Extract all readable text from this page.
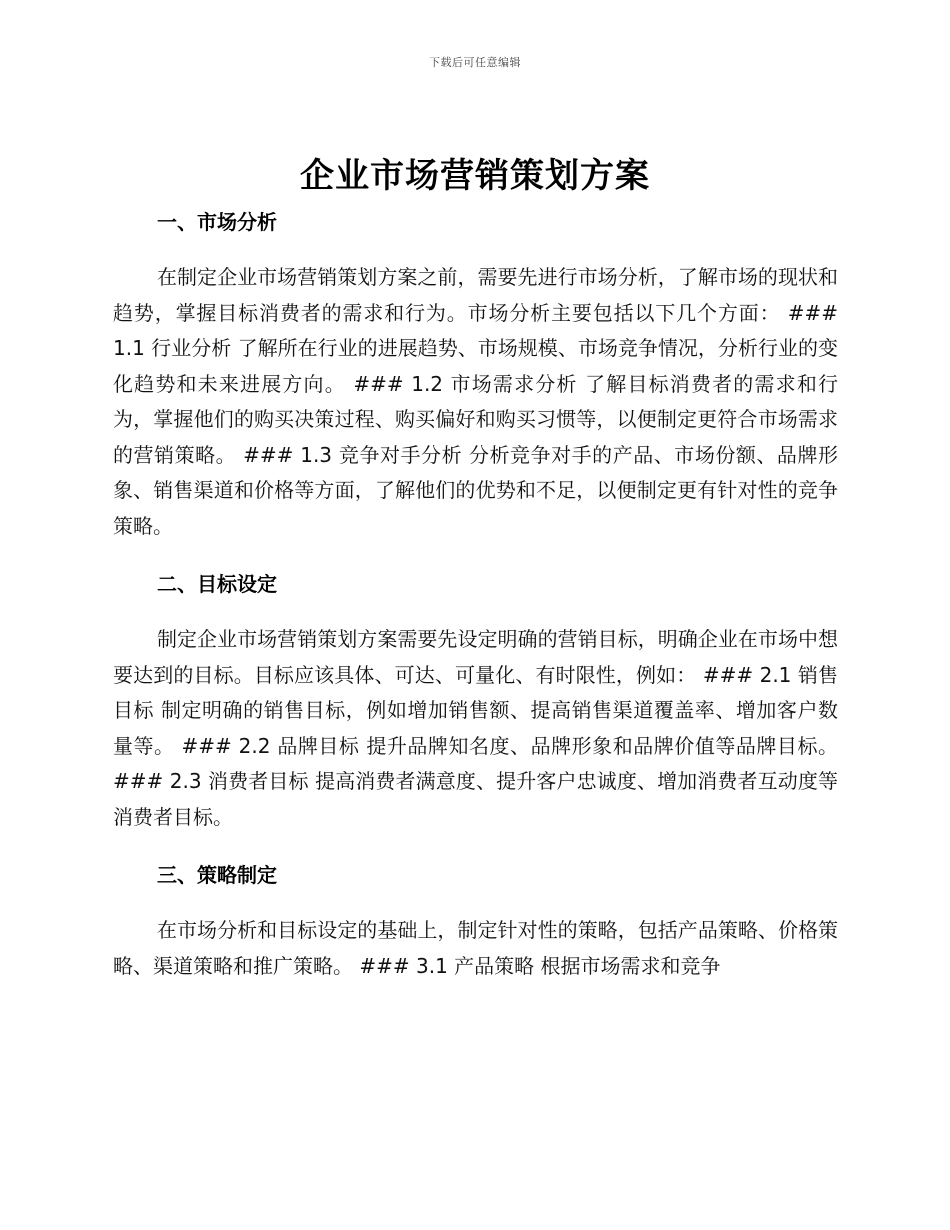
下载后可任意编辑
企业市场营销策划方案
一、市场分析

在制定企业市场营销策划方案之前，需要先进行市场分析，了解市场的现状和趋势，掌握目标消费者的需求和行为。市场分析主要包括以下几个方面： ### 1.1 行业分析 了解所在行业的进展趋势、市场规模、市场竞争情况，分析行业的变化趋势和未来进展方向。 ### 1.2 市场需求分析 了解目标消费者的需求和行为，掌握他们的购买决策过程、购买偏好和购买习惯等，以便制定更符合市场需求的营销策略。 ### 1.3 竞争对手分析 分析竞争对手的产品、市场份额、品牌形象、销售渠道和价格等方面，了解他们的优势和不足，以便制定更有针对性的竞争策略。

二、目标设定

制定企业市场营销策划方案需要先设定明确的营销目标，明确企业在市场中想要达到的目标。目标应该具体、可达、可量化、有时限性，例如： ### 2.1 销售目标 制定明确的销售目标，例如增加销售额、提高销售渠道覆盖率、增加客户数量等。 ### 2.2 品牌目标 提升品牌知名度、品牌形象和品牌价值等品牌目标。 ### 2.3 消费者目标 提高消费者满意度、提升客户忠诚度、增加消费者互动度等消费者目标。

三、策略制定

在市场分析和目标设定的基础上，制定针对性的策略，包括产品策略、价格策略、渠道策略和推广策略。 ### 3.1 产品策略 根据市场需求和竞争
